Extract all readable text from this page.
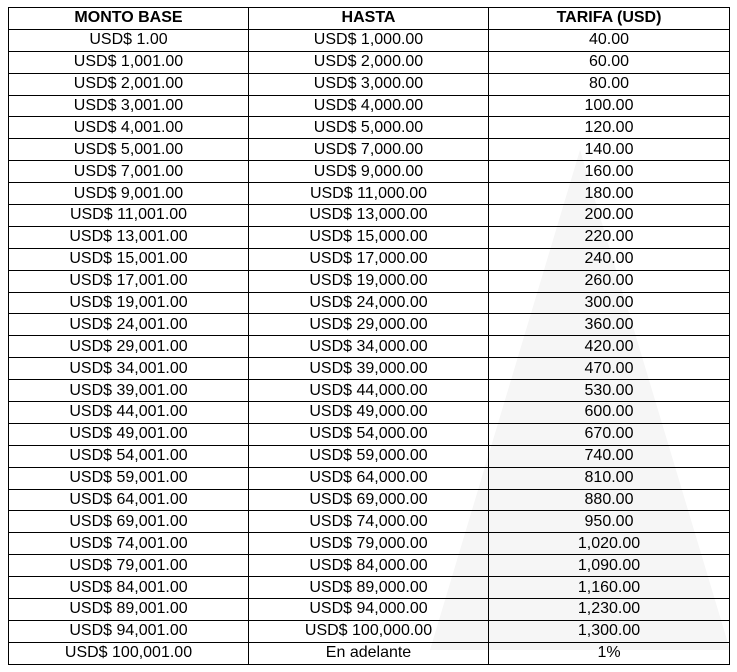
MONTO BASE	HASTA	TARIFA (USD)
USD$ 1.00	USD$ 1,000.00	40.00
USD$ 1,001.00	USD$ 2,000.00	60.00
USD$ 2,001.00	USD$ 3,000.00	80.00
USD$ 3,001.00	USD$ 4,000.00	100.00
USD$ 4,001.00	USD$ 5,000.00	120.00
USD$ 5,001.00	USD$ 7,000.00	140.00
USD$ 7,001.00	USD$ 9,000.00	160.00
USD$ 9,001.00	USD$ 11,000.00	180.00
USD$ 11,001.00	USD$ 13,000.00	200.00
USD$ 13,001.00	USD$ 15,000.00	220.00
USD$ 15,001.00	USD$ 17,000.00	240.00
USD$ 17,001.00	USD$ 19,000.00	260.00
USD$ 19,001.00	USD$ 24,000.00	300.00
USD$ 24,001.00	USD$ 29,000.00	360.00
USD$ 29,001.00	USD$ 34,000.00	420.00
USD$ 34,001.00	USD$ 39,000.00	470.00
USD$ 39,001.00	USD$ 44,000.00	530.00
USD$ 44,001.00	USD$ 49,000.00	600.00
USD$ 49,001.00	USD$ 54,000.00	670.00
USD$ 54,001.00	USD$ 59,000.00	740.00
USD$ 59,001.00	USD$ 64,000.00	810.00
USD$ 64,001.00	USD$ 69,000.00	880.00
USD$ 69,001.00	USD$ 74,000.00	950.00
USD$ 74,001.00	USD$ 79,000.00	1,020.00
USD$ 79,001.00	USD$ 84,000.00	1,090.00
USD$ 84,001.00	USD$ 89,000.00	1,160.00
USD$ 89,001.00	USD$ 94,000.00	1,230.00
USD$ 94,001.00	USD$ 100,000.00	1,300.00
USD$ 100,001.00	En adelante	1%
